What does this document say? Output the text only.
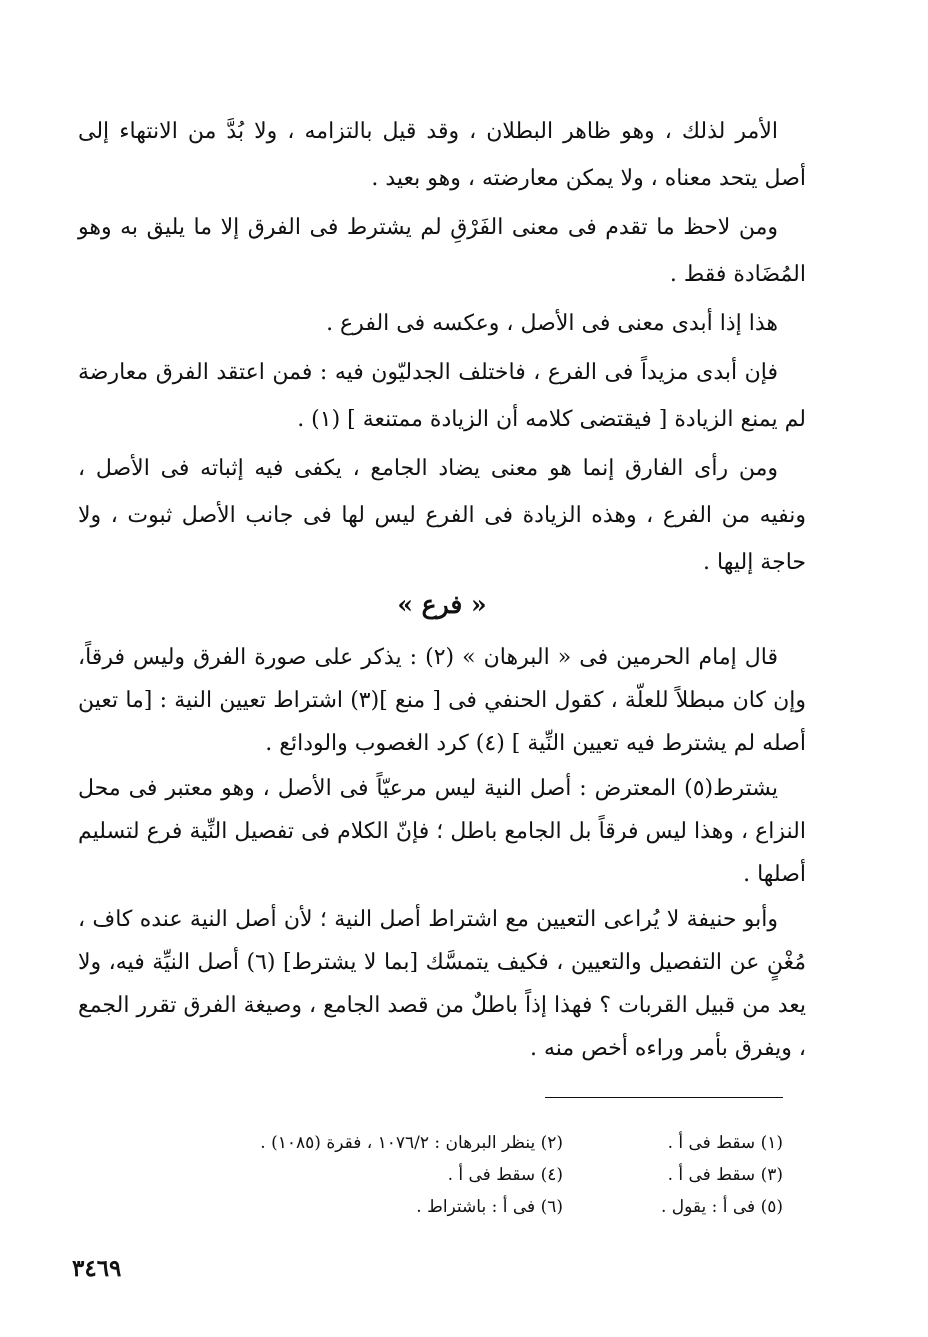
الأمر لذلك ، وهو ظاهر البطلان ، وقد قيل بالتزامه ، ولا بُدَّ من الانتهاء إلى أصل يتحد معناه ، ولا يمكن معارضته ، وهو بعيد .

ومن لاحظ ما تقدم فى معنى الفَرْقِ لم يشترط فى الفرق إلا ما يليق به وهو المُضَادة فقط .

هذا إذا أبدى معنى فى الأصل ، وعكسه فى الفرع .

فإن أبدى مزيداً فى الفرع ، فاختلف الجدليّون فيه : فمن اعتقد الفرق معارضة لم يمنع الزيادة [ فيقتضى كلامه أن الزيادة ممتنعة ] (١) .

ومن رأى الفارق إنما هو معنى يضاد الجامع ، يكفى فيه إثباته فى الأصل ، ونفيه من الفرع ، وهذه الزيادة فى الفرع ليس لها فى جانب الأصل ثبوت ، ولا حاجة إليها .

« فرع »

قال إمام الحرمين فى « البرهان » (٢) : يذكر على صورة الفرق وليس فرقاً، وإن كان مبطلاً للعلّة ، كقول الحنفي فى [ منع ](٣) اشتراط تعيين النية : [ما تعين أصله لم يشترط فيه تعيين النِّية ] (٤) كرد الغصوب والودائع .

يشترط(٥) المعترض : أصل النية ليس مرعيّاً فى الأصل ، وهو معتبر فى محل النزاع ، وهذا ليس فرقاً بل الجامع باطل ؛ فإنّ الكلام فى تفصيل النِّية فرع لتسليم أصلها .

وأبو حنيفة لا يُراعى التعيين مع اشتراط أصل النية ؛ لأن أصل النية عنده كاف ، مُغْنٍ عن التفصيل والتعيين ، فكيف يتمسَّك [بما لا يشترط] (٦) أصل النيِّة فيه، ولا يعد من قبيل القربات ؟ فهذا إذاً باطلٌ من قصد الجامع ، وصيغة الفرق تقرر الجمع ، ويفرق بأمر وراءه أخص منه .

(١) سقط فى أ .
(٢) ينظر البرهان : ١٠٧٦/٢ ، فقرة (١٠٨٥) .
(٣) سقط فى أ .
(٤) سقط فى أ .
(٥) فى أ : يقول .
(٦) فى أ : باشتراط .
٣٤٦٩
